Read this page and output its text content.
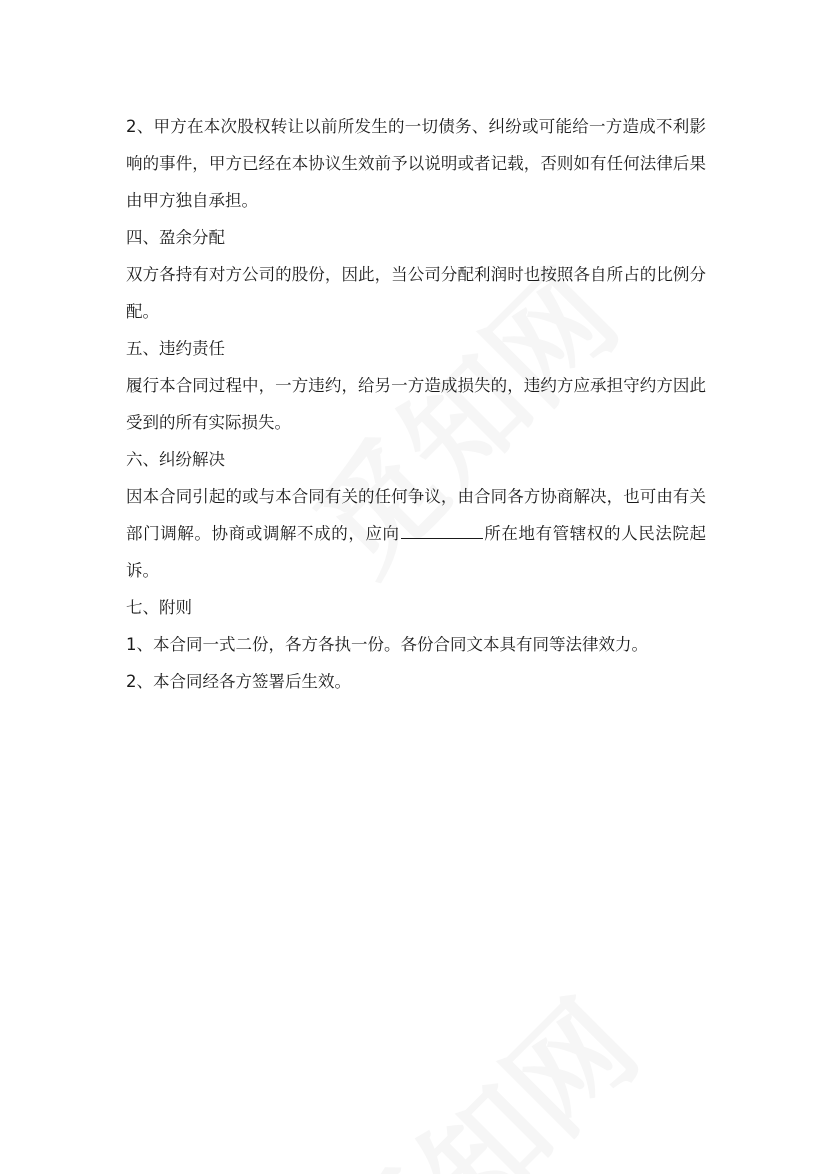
2、甲方在本次股权转让以前所发生的一切债务、纠纷或可能给一方造成不利影响的事件，甲方已经在本协议生效前予以说明或者记载，否则如有任何法律后果由甲方独自承担。

四、盈余分配

双方各持有对方公司的股份，因此，当公司分配利润时也按照各自所占的比例分配。

五、违约责任

履行本合同过程中，一方违约，给另一方造成损失的，违约方应承担守约方因此受到的所有实际损失。

六、纠纷解决

因本合同引起的或与本合同有关的任何争议，由合同各方协商解决，也可由有关部门调解。协商或调解不成的，应向	所在地有管辖权的人民法院起诉。

七、附则

1、本合同一式二份，各方各执一份。各份合同文本具有同等法律效力。

2、本合同经各方签署后生效。
